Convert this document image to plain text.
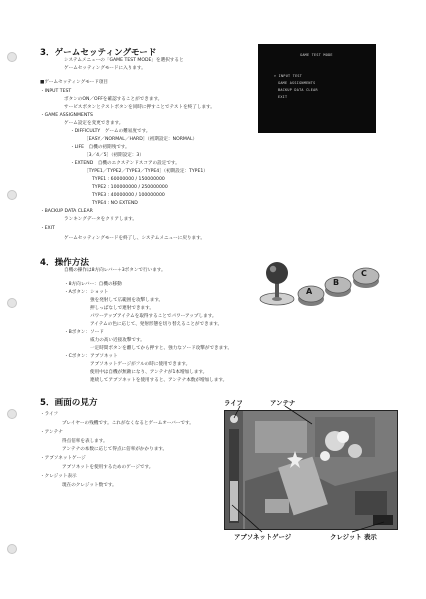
3．ゲームセッティングモード
システムメニューの「GAME TEST MODE」を選択すると
ゲームセッティングモードに入ります。
■ゲームセッティングモード項目
・INPUT TEST
ボタンのON／OFFを確認することができます。
サービスボタンとテストボタンを同時に押すことでテストを終了します。
・GAME ASSIGNMENTS
ゲーム設定を変更できます。
・DIFFICULTY　ゲームの難易度です。
［EASY／NORMAL／HARD］（初期設定：NORMAL）
・LIFE　自機の初期残です。
［3／4／5］（初期設定：3）
・EXTEND　自機のエクステンドスコアの設定です。
［TYPE1／TYPE2／TYPE3／TYPE4］（初期設定：TYPE1）
TYPE1 : 60000000 / 150000000
TYPE2 : 100000000 / 250000000
TYPE3 : 40000000 / 100000000
TYPE4 : NO EXTEND
・BACKUP DATA CLEAR
ランキングデータをクリアします。
・EXIT
ゲームセッティングモードを終了し、システムメニューに戻ります。
GAME TEST MODE
> INPUT TEST
GAME ASSIGNMENTS
BACKUP DATA CLEAR
EXIT
4．操作方法
自機の操作は8方向レバー＋3ボタンで行います。
・8方向レバー：自機の移動
・Aボタン：ショット
強を発射して広範囲を攻撃します。
押しっぱなしで連射できます。
パワーアップアイテムを取得することでパワーアップします。
アイテムの色に応じて、発射形態を切り替えることができます。
・Bボタン：ソード
威力の高い近接攻撃です。
一定時間ボタンを離してから押すと、強力なソード攻撃ができます。
・Cボタン：アブソネット
アブソネットゲージがフルの時に使用できます。
使用中は自機が無敵になり、アンテナが1本増加します。
連続してアブソネットを使用すると、アンテナ本数が増加します。
A
B
C
5．画面の見方
・ライフ
プレイヤーの残機です。これがなくなるとゲームオーバーです。
・アンテナ
得点倍率を表します。
アンテナの本数に応じて得点に倍率がかかります。
・アブソネットゲージ
アブソネットを使用するためのゲージです。
・クレジット表示
現在のクレジット数です。
ライフ	アンテナ
アブソネットゲージ	クレジット 表示
